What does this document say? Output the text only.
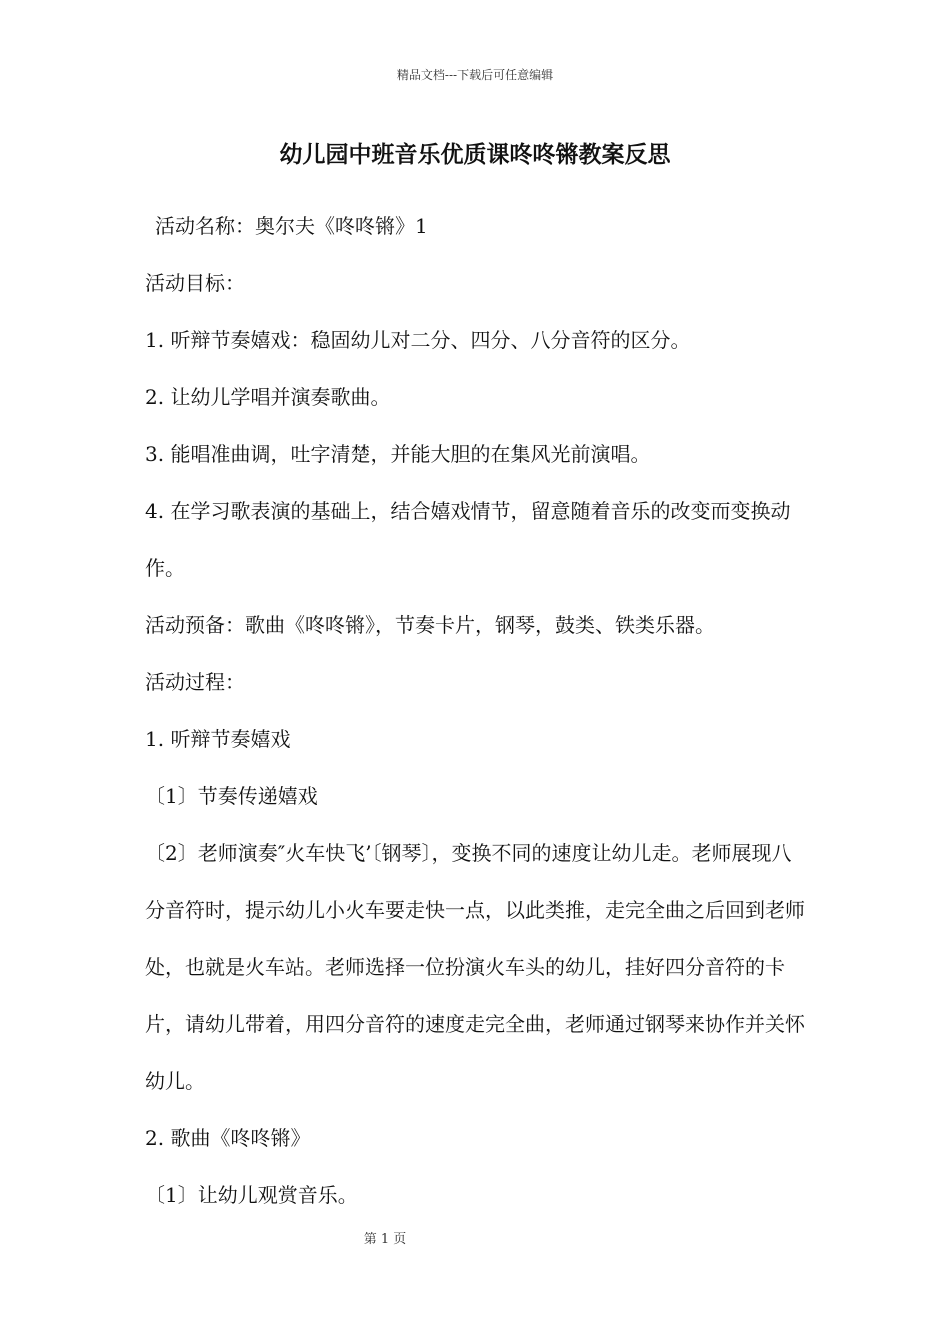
精品文档---下载后可任意编辑
幼儿园中班音乐优质课咚咚锵教案反思

活动名称：奥尔夫《咚咚锵》1

活动目标：

1. 听辩节奏嬉戏：稳固幼儿对二分、四分、八分音符的区分。

2. 让幼儿学唱并演奏歌曲。

3. 能唱准曲调，吐字清楚，并能大胆的在集风光前演唱。

4. 在学习歌表演的基础上，结合嬉戏情节，留意随着音乐的改变而变换动作。

活动预备：歌曲《咚咚锵》，节奏卡片，钢琴，鼓类、铁类乐器。

活动过程：

1. 听辩节奏嬉戏

〔1〕节奏传递嬉戏

〔2〕老师演奏″火车快飞’〔钢琴〕，变换不同的速度让幼儿走。老师展现八分音符时，提示幼儿小火车要走快一点，以此类推，走完全曲之后回到老师处，也就是火车站。老师选择一位扮演火车头的幼儿，挂好四分音符的卡片，请幼儿带着，用四分音符的速度走完全曲，老师通过钢琴来协作并关怀幼儿。

2. 歌曲《咚咚锵》

〔1〕让幼儿观赏音乐。

第 1 页
